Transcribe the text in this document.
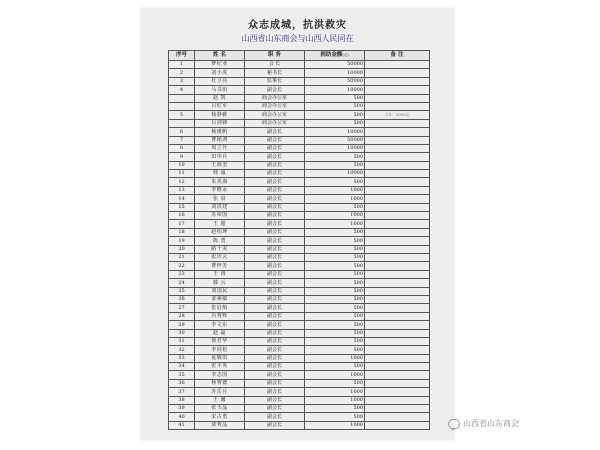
众志成城，抗洪救灾
山西省山东商会与山西人民同在
序号	姓 名	职 务	捐助金额(元)	备 注
1	梦纪业	会 长	50000	
2	刘小虎	秘书长	10000	
3	杜卫亮	监事长	50000	
4	马书田	副会长	10000	
	赵 凯	商会办公室	500	
	吕红军	商会办公室	500	
5	杨静雅	商会办公室	500	合计：2000元
	吕剑锋	商会办公室	500	
6	杨瑾帆	副会长	10000	
7	曹铭鸿	副会长	50000	
8	周立升	副会长	10000	
9	田中兵	副会长	500	
10	王海奎	副会长	500	
11	韩 诚	副会长	10000	
12	朱英海	副会长	500	
13	李继永	副会长	1000	
14	张 泉	副会长	1000	
15	刘洪建	副会长	500	
16	苏荣国	副会长	1000	
17	王 超	副会长	1000	
18	赵绍坤	副会长	500	
19	陈 勇	副会长	500	
20	路千美	副会长	500	
21	张庆云	副会长	500	
22	曹梓芳	副会长	500	
23	王 涛	副会长	500	
24	滕 云	副会长	500	
25	刘国民	副会长	500	
26	姜素敏	副会长	500	
27	张启航	副会长	500	
28	冯秀辉	副会长	500	
29	李文东	副会长	500	
30	赵 磊	副会长	500	
31	徐君华	副会长	500	
32	李同松	副会长	500	
33	夏敬田	副会长	1000	
34	张平英	副会长	500	
35	李志国	副会长	1000	
36	杨秀德	副会长	500	
37	苏岳月	副会长	1000	
38	王 馨	副会长	1000	
39	张玉晶	副会长	500	
40	宋占勇	副会长	500	
41	梁秀晶	副会长	1000		山西省山东商会
